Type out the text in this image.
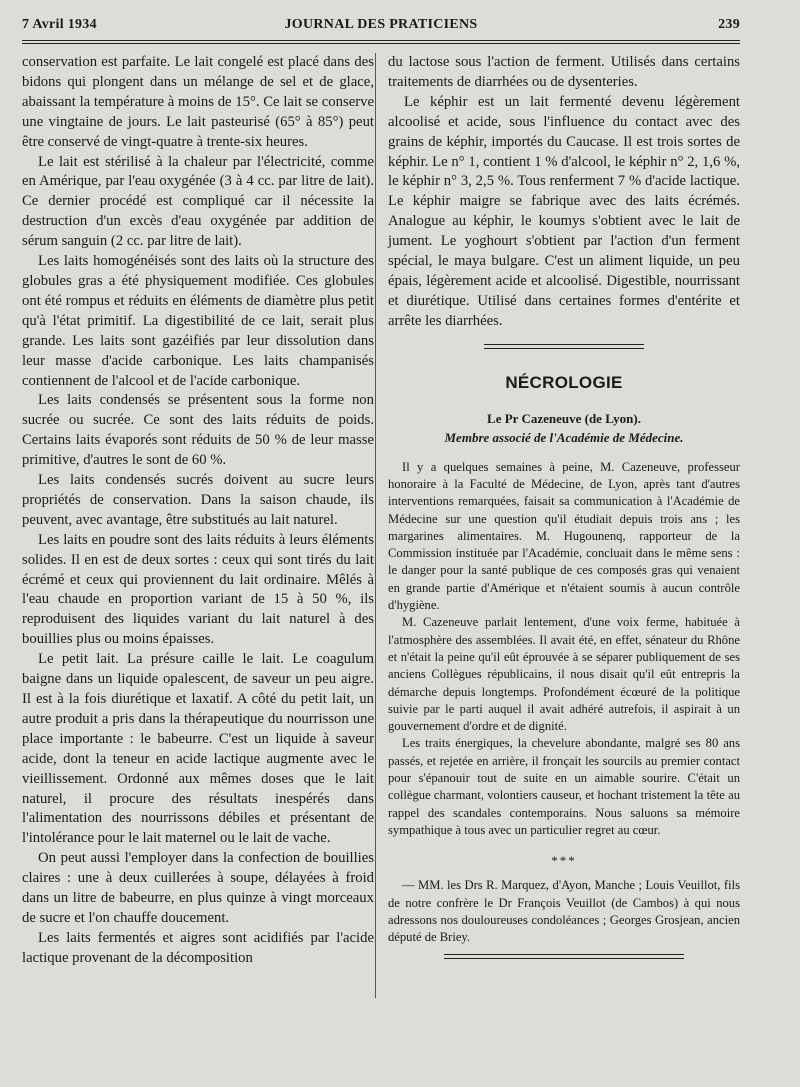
7 Avril 1934	JOURNAL DES PRATICIENS	239

conservation est parfaite. Le lait congelé est placé dans des bidons qui plongent dans un mélange de sel et de glace, abaissant la température à moins de 15°. Ce lait se conserve une vingtaine de jours. Le lait pasteurisé (65° à 85°) peut être conservé de vingt-quatre à trente-six heures.

Le lait est stérilisé à la chaleur par l'électricité, comme en Amérique, par l'eau oxygénée (3 à 4 cc. par litre de lait). Ce dernier procédé est compliqué car il nécessite la destruction d'un excès d'eau oxygénée par addition de sérum sanguin (2 cc. par litre de lait).

Les laits homogénéisés sont des laits où la structure des globules gras a été physiquement modifiée. Ces globules ont été rompus et réduits en éléments de diamètre plus petit qu'à l'état primitif. La digestibilité de ce lait, serait plus grande. Les laits sont gazéifiés par leur dissolution dans leur masse d'acide carbonique. Les laits champanisés contiennent de l'alcool et de l'acide carbonique.

Les laits condensés se présentent sous la forme non sucrée ou sucrée. Ce sont des laits réduits de poids. Certains laits évaporés sont réduits de 50 % de leur masse primitive, d'autres le sont de 60 %.

Les laits condensés sucrés doivent au sucre leurs propriétés de conservation. Dans la saison chaude, ils peuvent, avec avantage, être substitués au lait naturel.

Les laits en poudre sont des laits réduits à leurs éléments solides. Il en est de deux sortes : ceux qui sont tirés du lait écrémé et ceux qui proviennent du lait ordinaire. Mêlés à l'eau chaude en proportion variant de 15 à 50 %, ils reproduisent des liquides variant du lait naturel à des bouillies plus ou moins épaisses.

Le petit lait. La présure caille le lait. Le coagulum baigne dans un liquide opalescent, de saveur un peu aigre. Il est à la fois diurétique et laxatif. A côté du petit lait, un autre produit a pris dans la thérapeutique du nourrisson une place importante : le babeurre. C'est un liquide à saveur acide, dont la teneur en acide lactique augmente avec le vieillissement. Ordonné aux mêmes doses que le lait naturel, il procure des résultats inespérés dans l'alimentation des nourrissons débiles et présentant de l'intolérance pour le lait maternel ou le lait de vache.

On peut aussi l'employer dans la confection de bouillies claires : une à deux cuillerées à soupe, délayées à froid dans un litre de babeurre, en plus quinze à vingt morceaux de sucre et l'on chauffe doucement.

Les laits fermentés et aigres sont acidifiés par l'acide lactique provenant de la décomposition

du lactose sous l'action de ferment. Utilisés dans certains traitements de diarrhées ou de dysenteries.

Le képhir est un lait fermenté devenu légèrement alcoolisé et acide, sous l'influence du contact avec des grains de képhir, importés du Caucase. Il est trois sortes de képhir. Le n° 1, contient 1 % d'alcool, le képhir n° 2, 1,6 %, le képhir n° 3, 2,5 %. Tous renferment 7 % d'acide lactique. Le képhir maigre se fabrique avec des laits écrémés. Analogue au képhir, le koumys s'obtient avec le lait de jument. Le yoghourt s'obtient par l'action d'un ferment spécial, le maya bulgare. C'est un aliment liquide, un peu épais, légèrement acide et alcoolisé. Digestible, nourrissant et diurétique. Utilisé dans certaines formes d'entérite et arrête les diarrhées.

NÉCROLOGIE
Le Pr Cazeneuve (de Lyon).
Membre associé de l'Académie de Médecine.

Il y a quelques semaines à peine, M. Cazeneuve, professeur honoraire à la Faculté de Médecine, de Lyon, après tant d'autres interventions remarquées, faisait sa communication à l'Académie de Médecine sur une question qu'il étudiait depuis trois ans ; les margarines alimentaires. M. Hugounenq, rapporteur de la Commission instituée par l'Académie, concluait dans le même sens : le danger pour la santé publique de ces composés gras qui venaient en grande partie d'Amérique et n'étaient soumis à aucun contrôle d'hygiène.

M. Cazeneuve parlait lentement, d'une voix ferme, habituée à l'atmosphère des assemblées. Il avait été, en effet, sénateur du Rhône et n'était la peine qu'il eût éprouvée à se séparer publiquement de ses anciens Collègues républicains, il nous disait qu'il eût entrepris la démarche depuis longtemps. Profondément écœuré de la politique suivie par le parti auquel il avait adhéré autrefois, il aspirait à un gouvernement d'ordre et de dignité.

Les traits énergiques, la chevelure abondante, malgré ses 80 ans passés, et rejetée en arrière, il fronçait les sourcils au premier contact pour s'épanouir tout de suite en un aimable sourire. C'était un collègue charmant, volontiers causeur, et hochant tristement la tête au rappel des scandales contemporains. Nous saluons sa mémoire sympathique à tous avec un particulier regret au cœur.

***

— MM. les Drs R. Marquez, d'Ayon, Manche ; Louis Veuillot, fils de notre confrère le Dr François Veuillot (de Cambos) à qui nous adressons nos douloureuses condoléances ; Georges Grosjean, ancien député de Briey.
